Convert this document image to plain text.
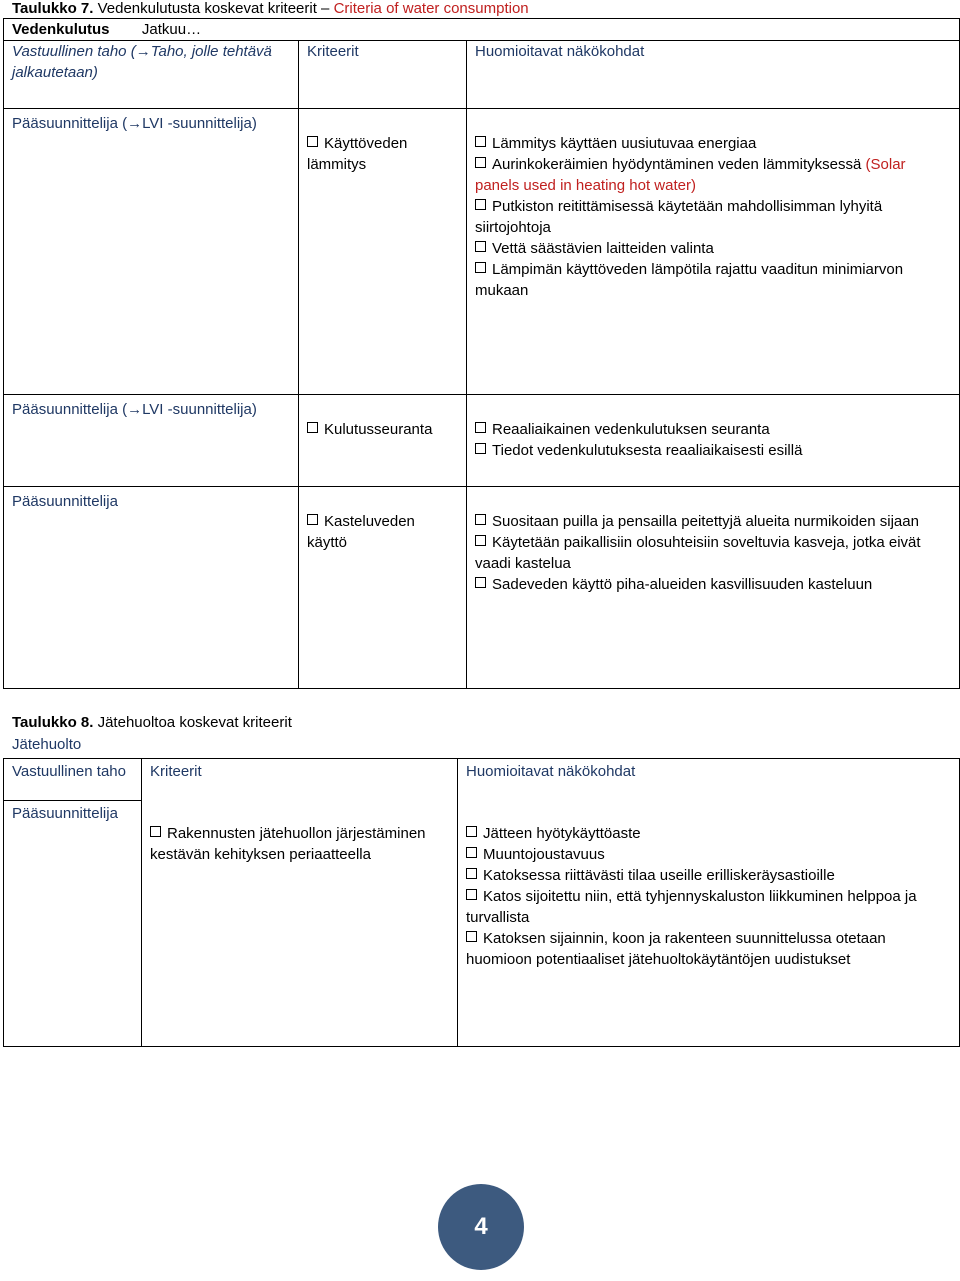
Taulukko 7. Vedenkulutusta koskevat kriteerit – Criteria of water consumption
Vedenkulutus Jatkuu…		
Vastuullinen taho (→Taho, jolle tehtävä jalkautetaan)	Kriteerit	Huomioitavat näkökohdat
Pääsuunnittelija (→LVI -suunnittelija)	Käyttöveden lämmitys	Lämmitys käyttäen uusiutuvaa energiaa
Aurinkokeräimien hyödyntäminen veden lämmityksessä (Solar panels used in heating hot water)
Putkiston reitittämisessä käytetään mahdollisimman lyhyitä siirtojohtoja
Vettä säästävien laitteiden valinta
Lämpimän käyttöveden lämpötila rajattu vaaditun minimiarvon mukaan

Pääsuunnittelija (→LVI -suunnittelija)	Kulutusseuranta	Reaaliaikainen vedenkulutuksen seuranta
Tiedot vedenkulutuksesta reaaliaikaisesti esillä

Pääsuunnittelija	Kasteluveden käyttö	Suositaan puilla ja pensailla peitettyjä alueita nurmikoiden sijaan
Käytetään paikallisiin olosuhteisiin soveltuvia kasveja, jotka eivät vaadi kastelua
Sadeveden käyttö piha-alueiden kasvillisuuden kasteluun
Taulukko 8. Jätehuoltoa koskevat kriteerit
Jätehuolto
Vastuullinen taho	Kriteerit	Huomioitavat näkökohdat
Pääsuunnittelija	Rakennusten jätehuollon järjestäminen kestävän kehityksen periaatteella	Jätteen hyötykäyttöaste
Muuntojoustavuus
Katoksessa riittävästi tilaa useille erilliskeräysastioille
Katos sijoitettu niin, että tyhjennyskaluston liikkuminen helppoa ja turvallista
Katoksen sijainnin, koon ja rakenteen suunnittelussa otetaan huomioon potentiaaliset jätehuoltokäytäntöjen uudistukset
4
